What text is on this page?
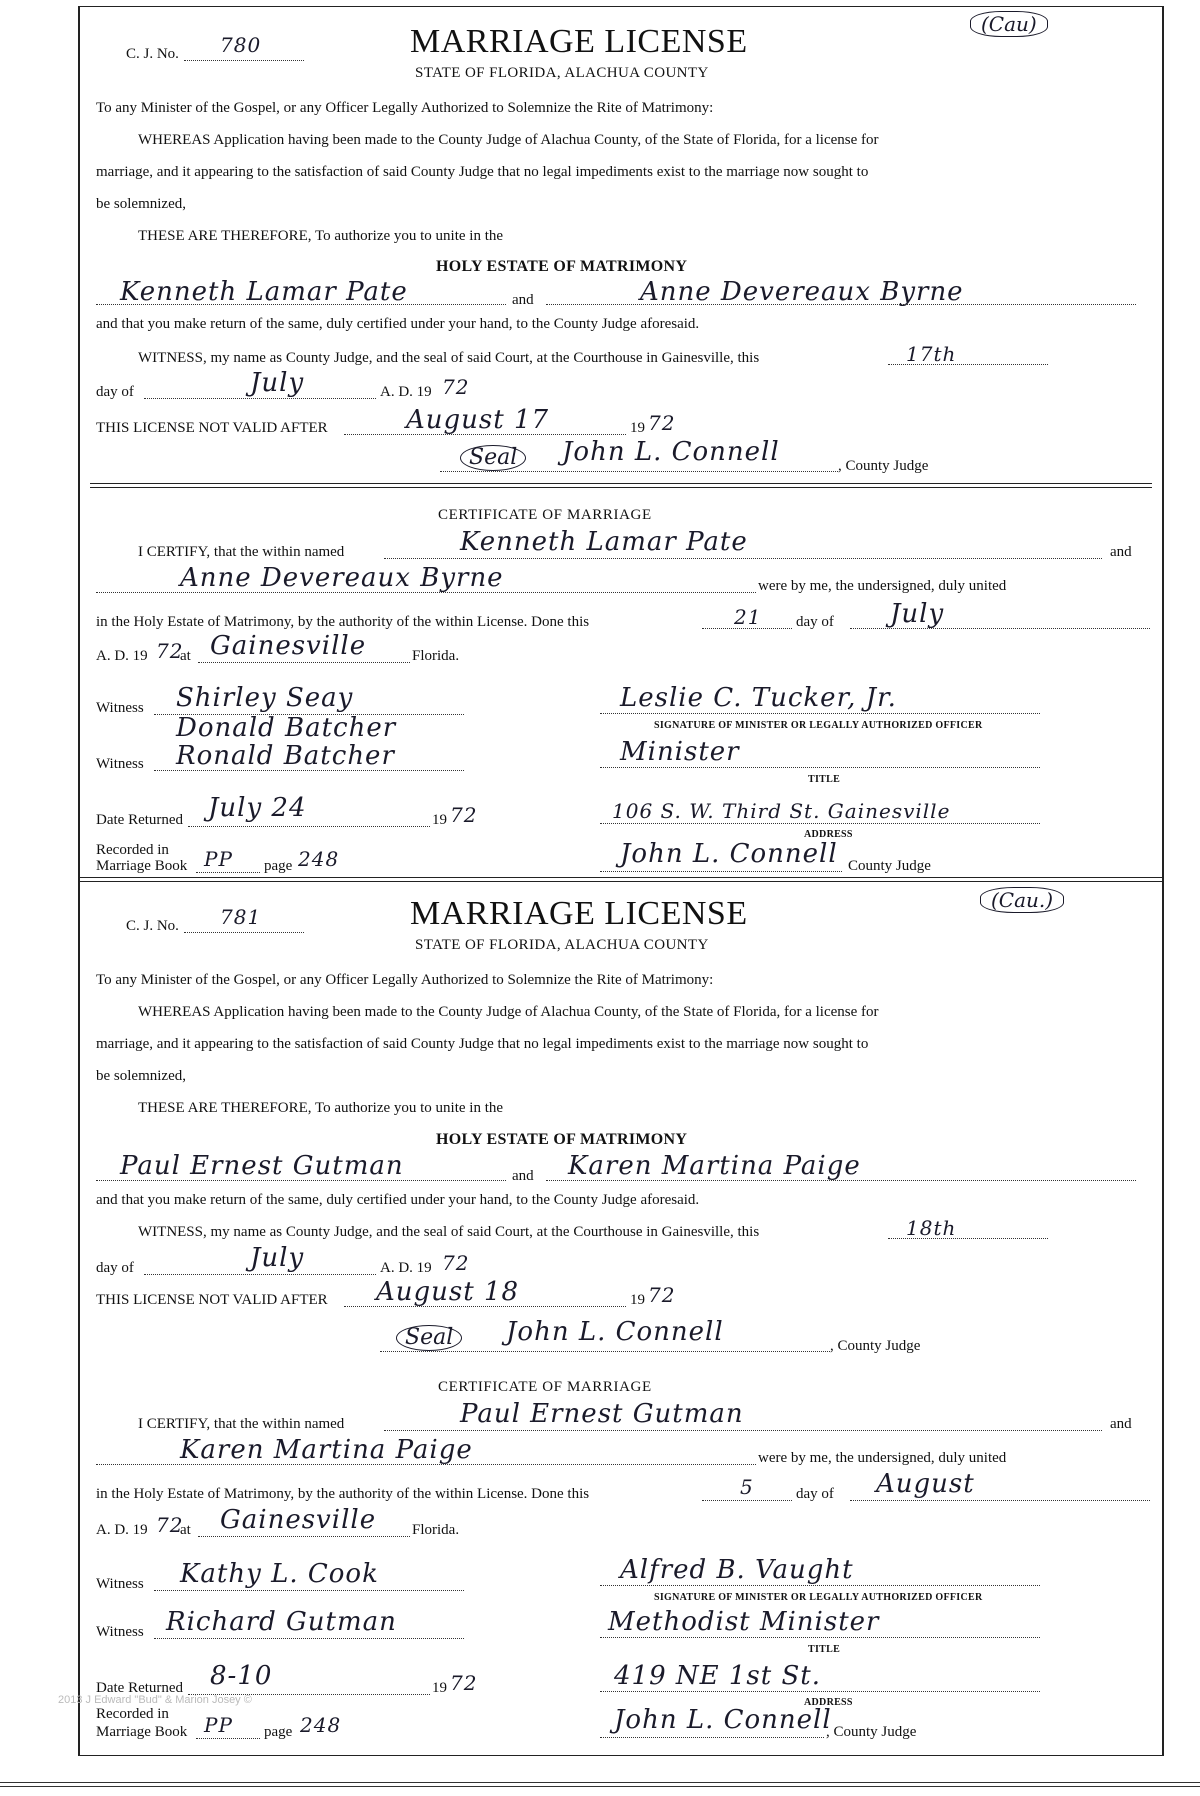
C. J. No. 780
(Cau)
MARRIAGE LICENSE
STATE OF FLORIDA, ALACHUA COUNTY
To any Minister of the Gospel, or any Officer Legally Authorized to Solemnize the Rite of Matrimony:
WHEREAS Application having been made to the County Judge of Alachua County, of the State of Florida, for a license for
marriage, and it appearing to the satisfaction of said County Judge that no legal impediments exist to the marriage now sought to
be solemnized,
THESE ARE THEREFORE, To authorize you to unite in the
HOLY ESTATE OF MATRIMONY
Kenneth Lamar Pate	and	Anne Devereaux Byrne
and that you make return of the same, duly certified under your hand, to the County Judge aforesaid.
WITNESS, my name as County Judge, and the seal of said Court, at the Courthouse in Gainesville, this	17th
day of	July	A. D. 19 72
THIS LICENSE NOT VALID AFTER	August 17	19 72
Seal	John L. Connell	, County Judge
CERTIFICATE OF MARRIAGE
I CERTIFY, that the within named	Kenneth Lamar Pate	and
Anne Devereaux Byrne	were by me, the undersigned, duly united
in the Holy Estate of Matrimony, by the authority of the within License. Done this	21 day of July
A. D. 19 72
at Gainesville	Florida.
Witness Shirley Seay
Donald Batcher
Witness Ronald Batcher
Leslie C. Tucker, Jr.
SIGNATURE OF MINISTER OR LEGALLY AUTHORIZED OFFICER
Minister
TITLE
Date Returned July 24	19 72	106 S. W. Third St. Gainesville
ADDRESS
Recorded in
Marriage Book PP page 248	John L. Connell County Judge
C. J. No. 781
(Cau.)
MARRIAGE LICENSE
STATE OF FLORIDA, ALACHUA COUNTY
To any Minister of the Gospel, or any Officer Legally Authorized to Solemnize the Rite of Matrimony:
WHEREAS Application having been made to the County Judge of Alachua County, of the State of Florida, for a license for
marriage, and it appearing to the satisfaction of said County Judge that no legal impediments exist to the marriage now sought to
be solemnized,
THESE ARE THEREFORE, To authorize you to unite in the
HOLY ESTATE OF MATRIMONY
Paul Ernest Gutman	and Karen Martina Paige
and that you make return of the same, duly certified under your hand, to the County Judge aforesaid.
WITNESS, my name as County Judge, and the seal of said Court, at the Courthouse in Gainesville, this	18th
day of	July	A. D. 19 72
THIS LICENSE NOT VALID AFTER August 18	19 72
Seal	John L. Connell	, County Judge
CERTIFICATE OF MARRIAGE
I CERTIFY, that the within named	Paul Ernest Gutman	and
Karen Martina Paige	were by me, the undersigned, duly united
in the Holy Estate of Matrimony, by the authority of the within License. Done this	5	day of August
A. D. 19 72
at Gainesville Florida.
Witness Kathy L. Cook
Witness Richard Gutman
Alfred B. Vaught
SIGNATURE OF MINISTER OR LEGALLY AUTHORIZED OFFICER
Methodist Minister
TITLE
Date Returned 8-10	19 72	419 NE 1st St.
ADDRESS
Recorded in
Marriage Book PP page 248	John L. Connell
, County Judge
2013 J Edward "Bud" & Marion Josey ©
